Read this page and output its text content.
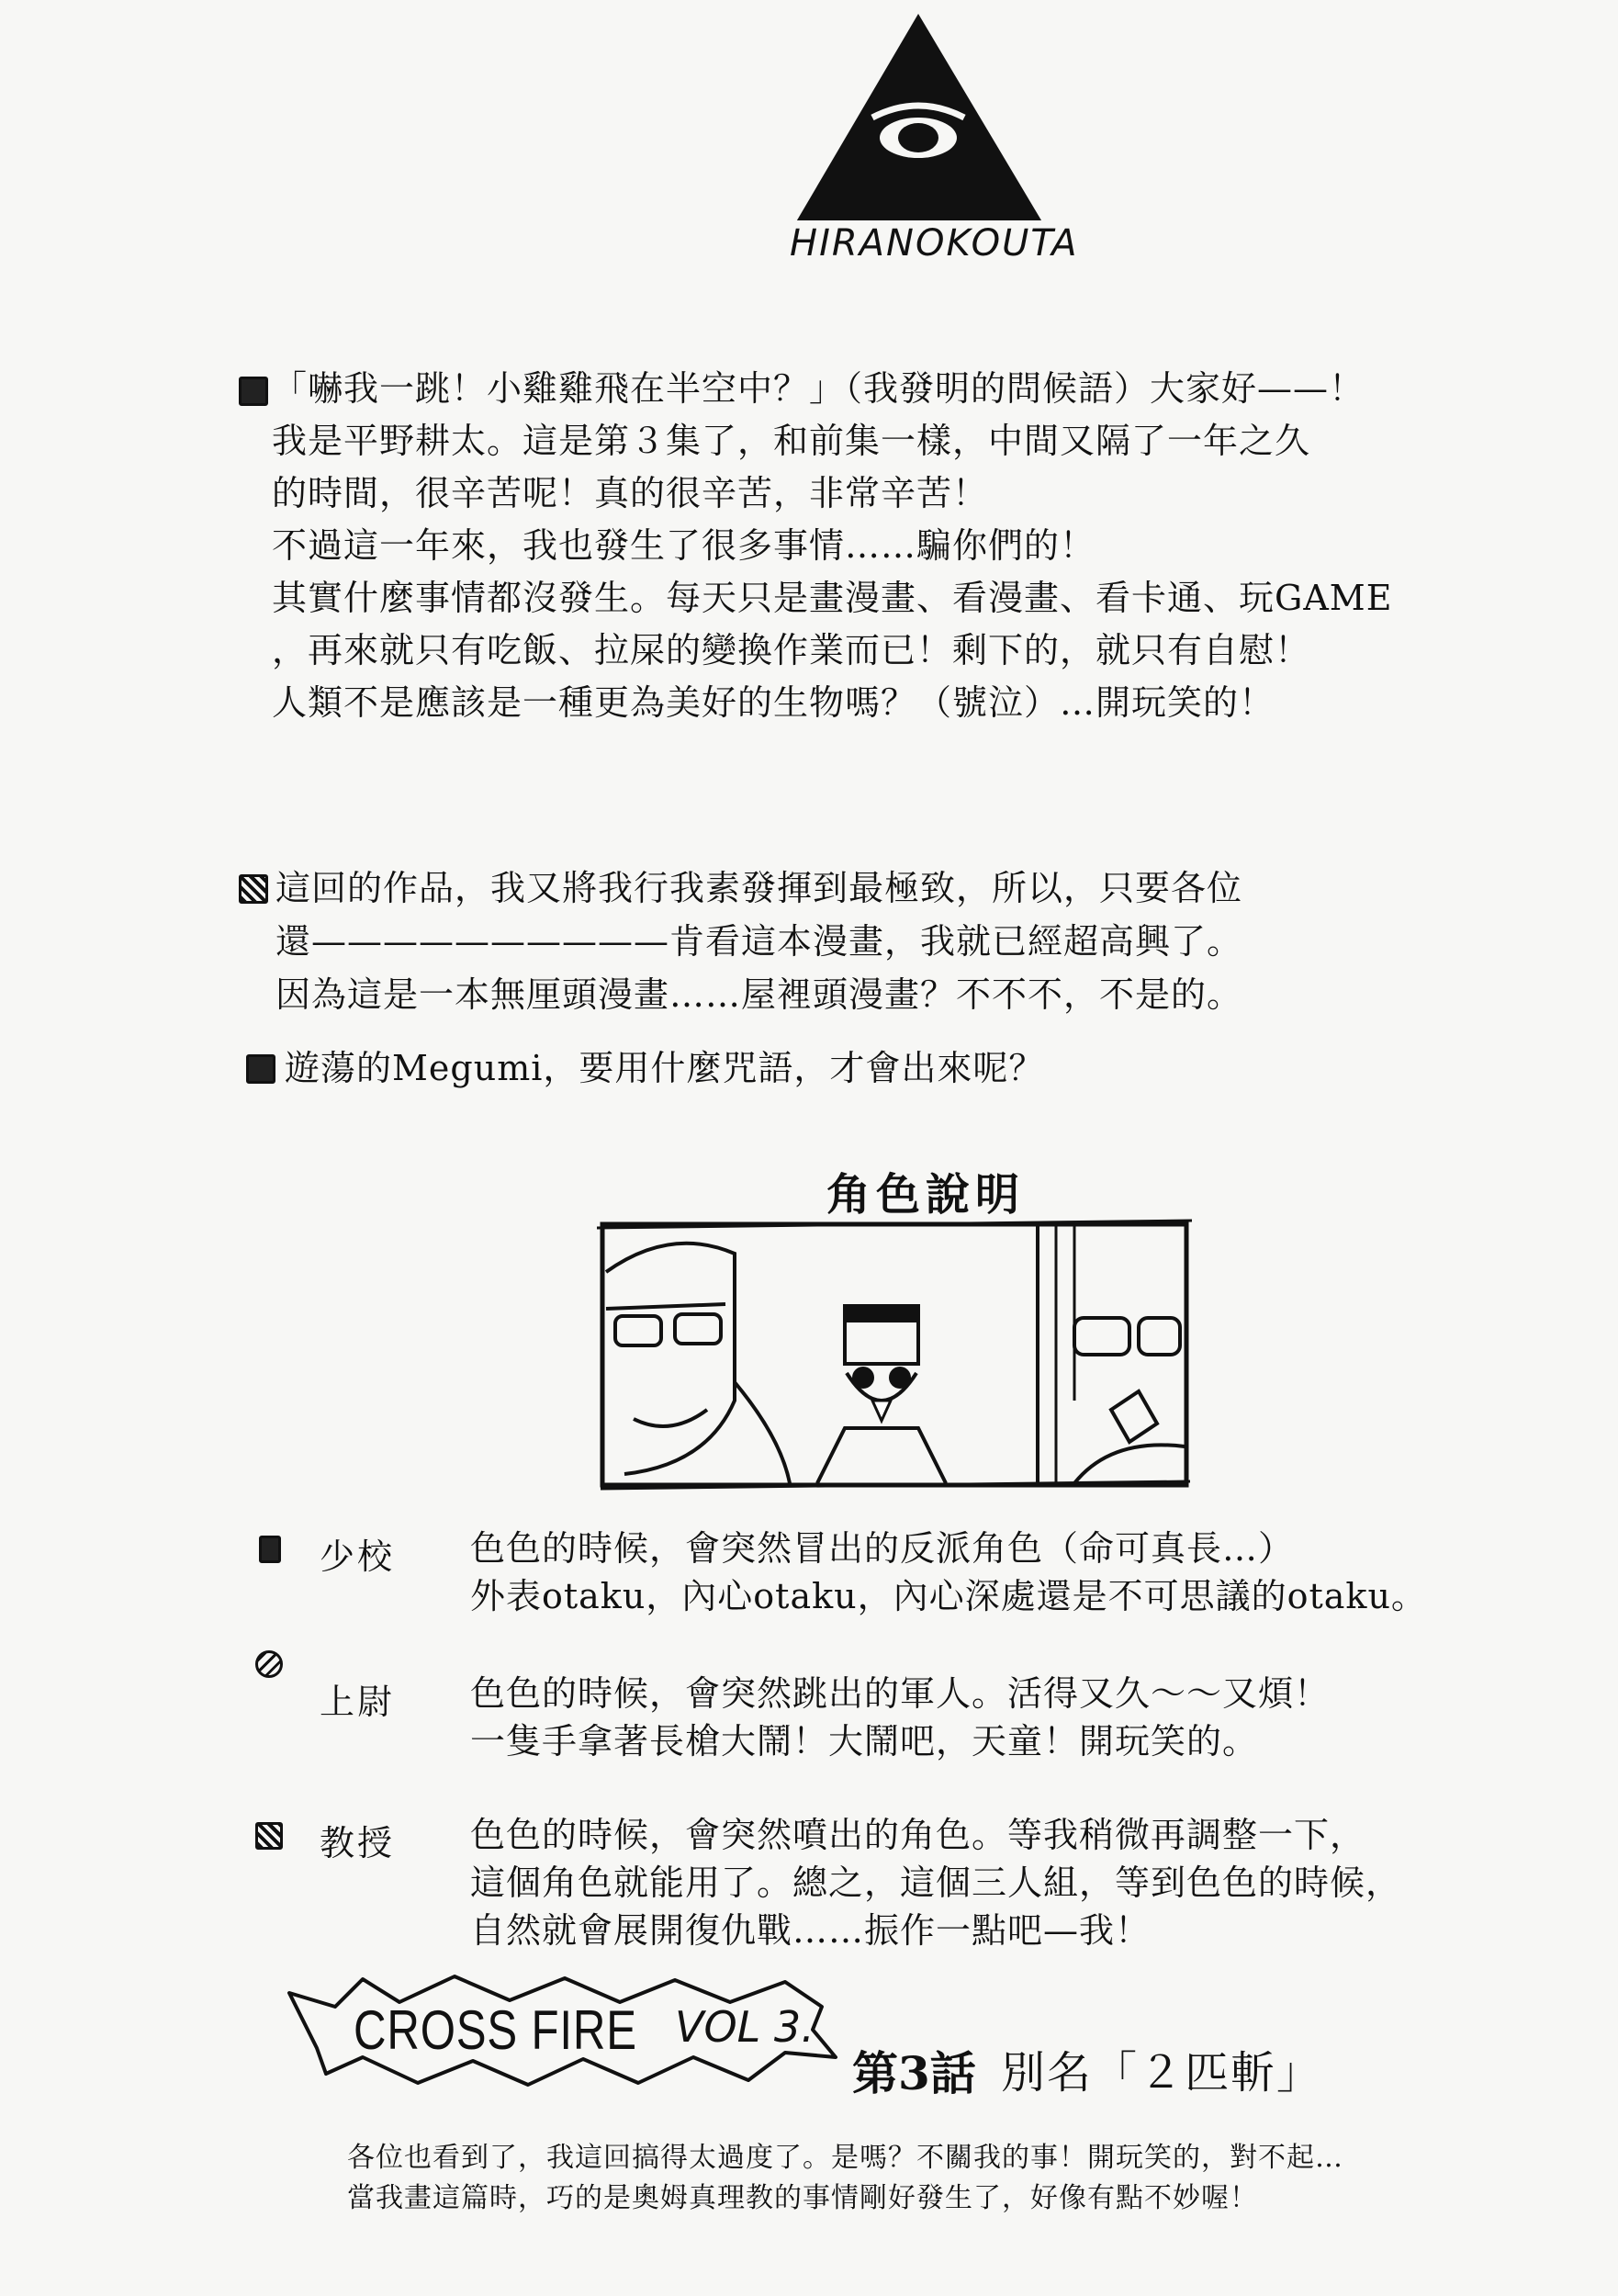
HIRANOKOUTA
「嚇我一跳！小雞雞飛在半空中？」（我發明的問候語）大家好——！
我是平野耕太。這是第３集了，和前集一樣，中間又隔了一年之久
的時間，很辛苦呢！真的很辛苦，非常辛苦！
不過這一年來，我也發生了很多事情……騙你們的！
其實什麼事情都沒發生。每天只是畫漫畫、看漫畫、看卡通、玩GAME
，再來就只有吃飯、拉屎的變換作業而已！剩下的，就只有自慰！
人類不是應該是一種更為美好的生物嗎？（號泣）…開玩笑的！
這回的作品，我又將我行我素發揮到最極致，所以，只要各位
還——————————肯看這本漫畫，我就已經超高興了。
因為這是一本無厘頭漫畫……屋裡頭漫畫？不不不，不是的。
遊蕩的Megumi，要用什麼咒語，才會出來呢？
角色說明
少校 色色的時候，會突然冒出的反派角色（命可真長…）
外表otaku，內心otaku，內心深處還是不可思議的otaku。
上尉 色色的時候，會突然跳出的軍人。活得又久～～又煩！
一隻手拿著長槍大鬧！大鬧吧，天童！開玩笑的。
教授 色色的時候，會突然噴出的角色。等我稍微再調整一下，
這個角色就能用了。總之，這個三人組，等到色色的時候，
自然就會展開復仇戰……振作一點吧—我！
CROSS FIRE VOL 3.
第3話 別名「２匹斬」
各位也看到了，我這回搞得太過度了。是嗎？不關我的事！開玩笑的，對不起…
當我畫這篇時，巧的是奧姆真理教的事情剛好發生了，好像有點不妙喔！
